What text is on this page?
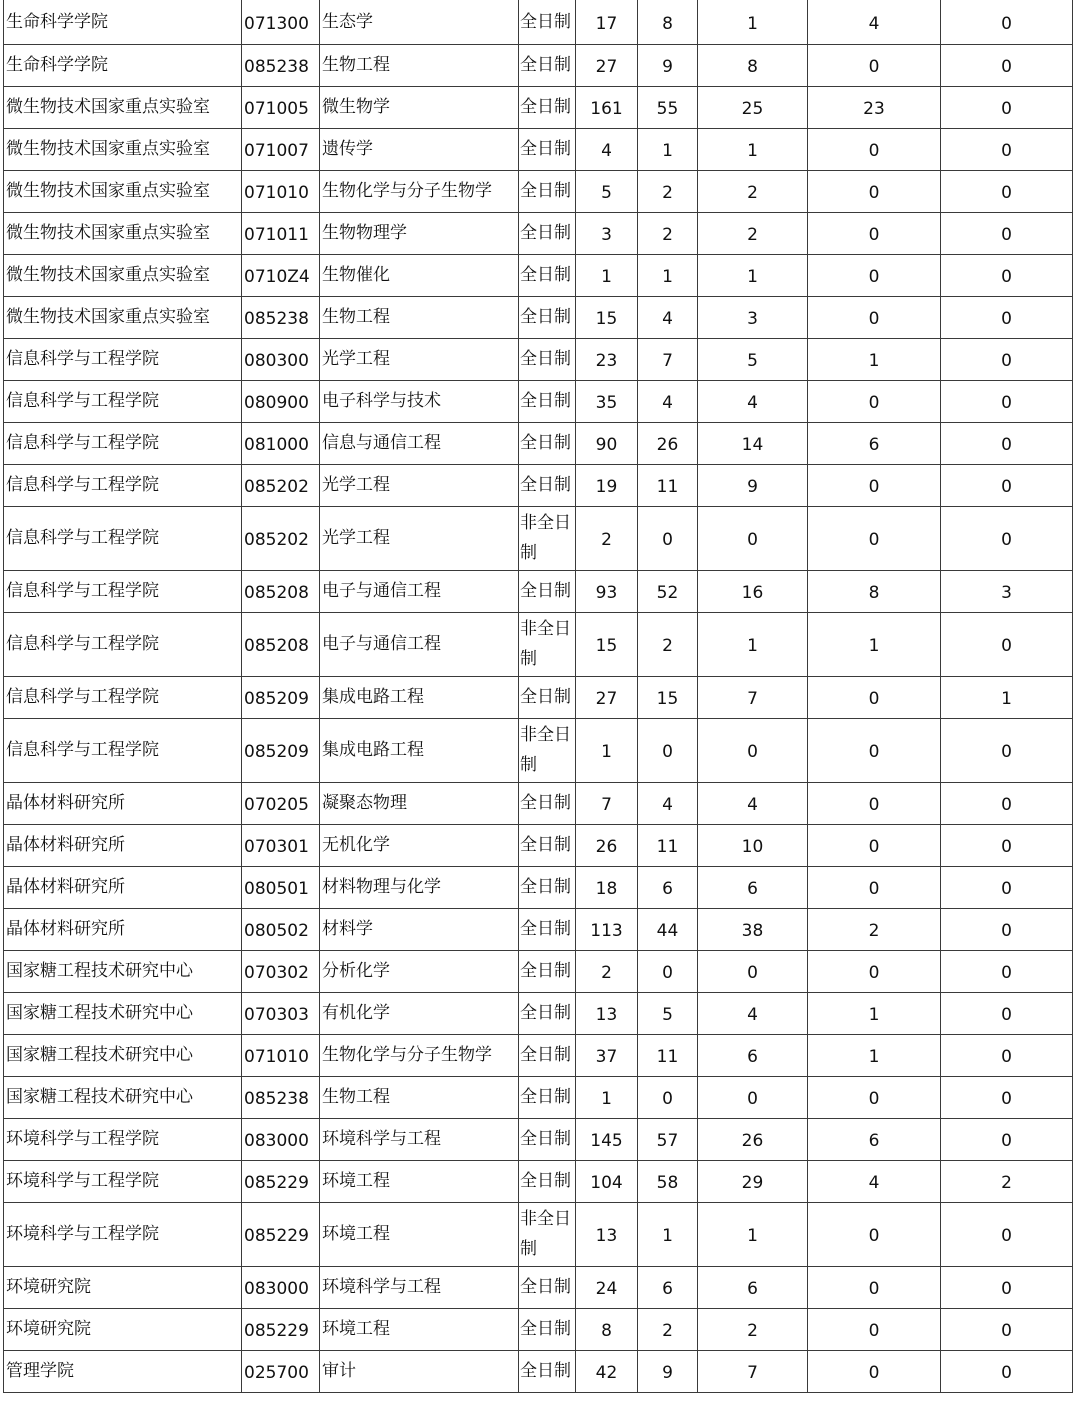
生命科学学院	071300	生态学	全日制	17	8	1	4	0
生命科学学院	085238	生物工程	全日制	27	9	8	0	0
微生物技术国家重点实验室	071005	微生物学	全日制	161	55	25	23	0
微生物技术国家重点实验室	071007	遗传学	全日制	4	1	1	0	0
微生物技术国家重点实验室	071010	生物化学与分子生物学	全日制	5	2	2	0	0
微生物技术国家重点实验室	071011	生物物理学	全日制	3	2	2	0	0
微生物技术国家重点实验室	0710Z4	生物催化	全日制	1	1	1	0	0
微生物技术国家重点实验室	085238	生物工程	全日制	15	4	3	0	0
信息科学与工程学院	080300	光学工程	全日制	23	7	5	1	0
信息科学与工程学院	080900	电子科学与技术	全日制	35	4	4	0	0
信息科学与工程学院	081000	信息与通信工程	全日制	90	26	14	6	0
信息科学与工程学院	085202	光学工程	全日制	19	11	9	0	0
信息科学与工程学院	085202	光学工程	非全日制	2	0	0	0	0
信息科学与工程学院	085208	电子与通信工程	全日制	93	52	16	8	3
信息科学与工程学院	085208	电子与通信工程	非全日制	15	2	1	1	0
信息科学与工程学院	085209	集成电路工程	全日制	27	15	7	0	1
信息科学与工程学院	085209	集成电路工程	非全日制	1	0	0	0	0
晶体材料研究所	070205	凝聚态物理	全日制	7	4	4	0	0
晶体材料研究所	070301	无机化学	全日制	26	11	10	0	0
晶体材料研究所	080501	材料物理与化学	全日制	18	6	6	0	0
晶体材料研究所	080502	材料学	全日制	113	44	38	2	0
国家糖工程技术研究中心	070302	分析化学	全日制	2	0	0	0	0
国家糖工程技术研究中心	070303	有机化学	全日制	13	5	4	1	0
国家糖工程技术研究中心	071010	生物化学与分子生物学	全日制	37	11	6	1	0
国家糖工程技术研究中心	085238	生物工程	全日制	1	0	0	0	0
环境科学与工程学院	083000	环境科学与工程	全日制	145	57	26	6	0
环境科学与工程学院	085229	环境工程	全日制	104	58	29	4	2
环境科学与工程学院	085229	环境工程	非全日制	13	1	1	0	0
环境研究院	083000	环境科学与工程	全日制	24	6	6	0	0
环境研究院	085229	环境工程	全日制	8	2	2	0	0
管理学院	025700	审计	全日制	42	9	7	0	0
